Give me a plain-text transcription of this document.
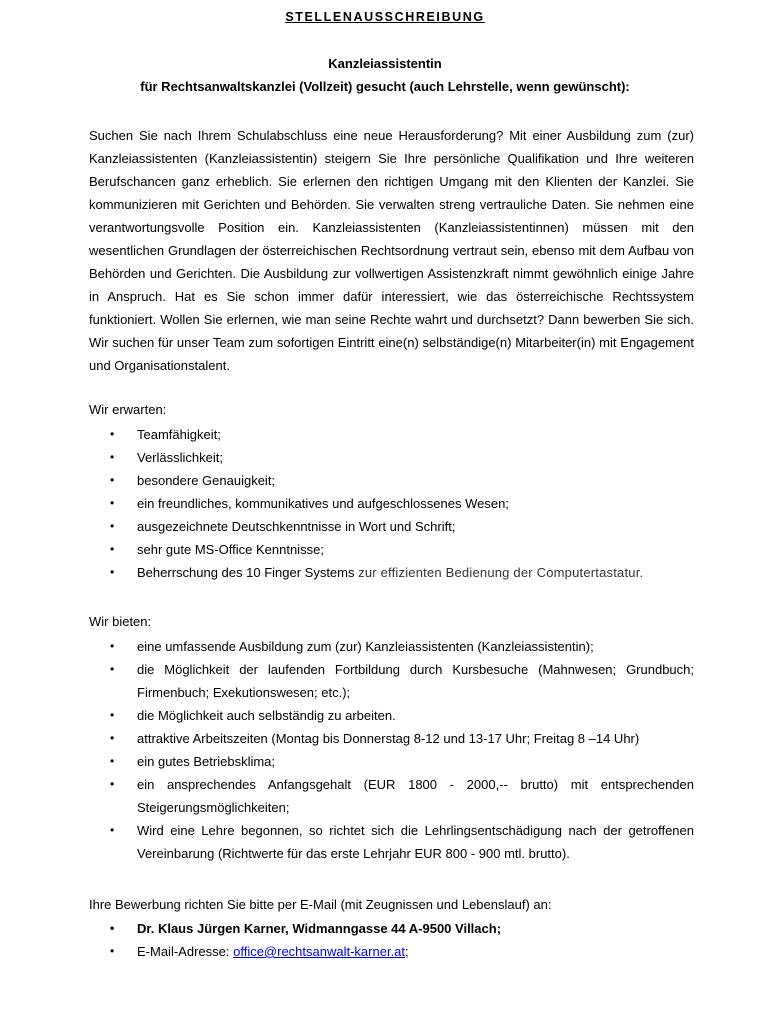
STELLENAUSSCHREIBUNG
Kanzleiassistentin
für Rechtsanwaltskanzlei (Vollzeit) gesucht (auch Lehrstelle, wenn gewünscht):

Suchen Sie nach Ihrem Schulabschluss eine neue Herausforderung? Mit einer Ausbildung zum (zur) Kanzleiassistenten (Kanzleiassistentin) steigern Sie Ihre persönliche Qualifikation und Ihre weiteren Berufschancen ganz erheblich. Sie erlernen den richtigen Umgang mit den Klienten der Kanzlei. Sie kommunizieren mit Gerichten und Behörden. Sie verwalten streng vertrauliche Daten. Sie nehmen eine verantwortungsvolle Position ein. Kanzleiassistenten (Kanzleiassistentinnen) müssen mit den wesentlichen Grundlagen der österreichischen Rechtsordnung vertraut sein, ebenso mit dem Aufbau von Behörden und Gerichten. Die Ausbildung zur vollwertigen Assistenzkraft nimmt gewöhnlich einige Jahre in Anspruch. Hat es Sie schon immer dafür interessiert, wie das österreichische Rechtssystem funktioniert. Wollen Sie erlernen, wie man seine Rechte wahrt und durchsetzt? Dann bewerben Sie sich. Wir suchen für unser Team zum sofortigen Eintritt eine(n) selbständige(n) Mitarbeiter(in) mit Engagement und Organisationstalent.

Wir erwarten:

• Teamfähigkeit;
• Verlässlichkeit;
• besondere Genauigkeit;
• ein freundliches, kommunikatives und aufgeschlossenes Wesen;
• ausgezeichnete Deutschkenntnisse in Wort und Schrift;
• sehr gute MS-Office Kenntnisse;
• Beherrschung des 10 Finger Systems zur effizienten Bedienung der Computertastatur.

Wir bieten:

• eine umfassende Ausbildung zum (zur) Kanzleiassistenten (Kanzleiassistentin);
• die Möglichkeit der laufenden Fortbildung durch Kursbesuche (Mahnwesen; Grundbuch; Firmenbuch; Exekutionswesen; etc.);
• die Möglichkeit auch selbständig zu arbeiten.
• attraktive Arbeitszeiten (Montag bis Donnerstag 8-12 und 13-17 Uhr; Freitag 8 –14 Uhr)
• ein gutes Betriebsklima;
• ein ansprechendes Anfangsgehalt (EUR 1800 - 2000,-- brutto) mit entsprechenden Steigerungsmöglichkeiten;
• Wird eine Lehre begonnen, so richtet sich die Lehrlingsentschädigung nach der getroffenen Vereinbarung (Richtwerte für das erste Lehrjahr EUR 800 - 900 mtl. brutto).

Ihre Bewerbung richten Sie bitte per E-Mail (mit Zeugnissen und Lebenslauf) an:

• Dr. Klaus Jürgen Karner, Widmanngasse 44 A-9500 Villach;
• E-Mail-Adresse: office@rechtsanwalt-karner.at;
